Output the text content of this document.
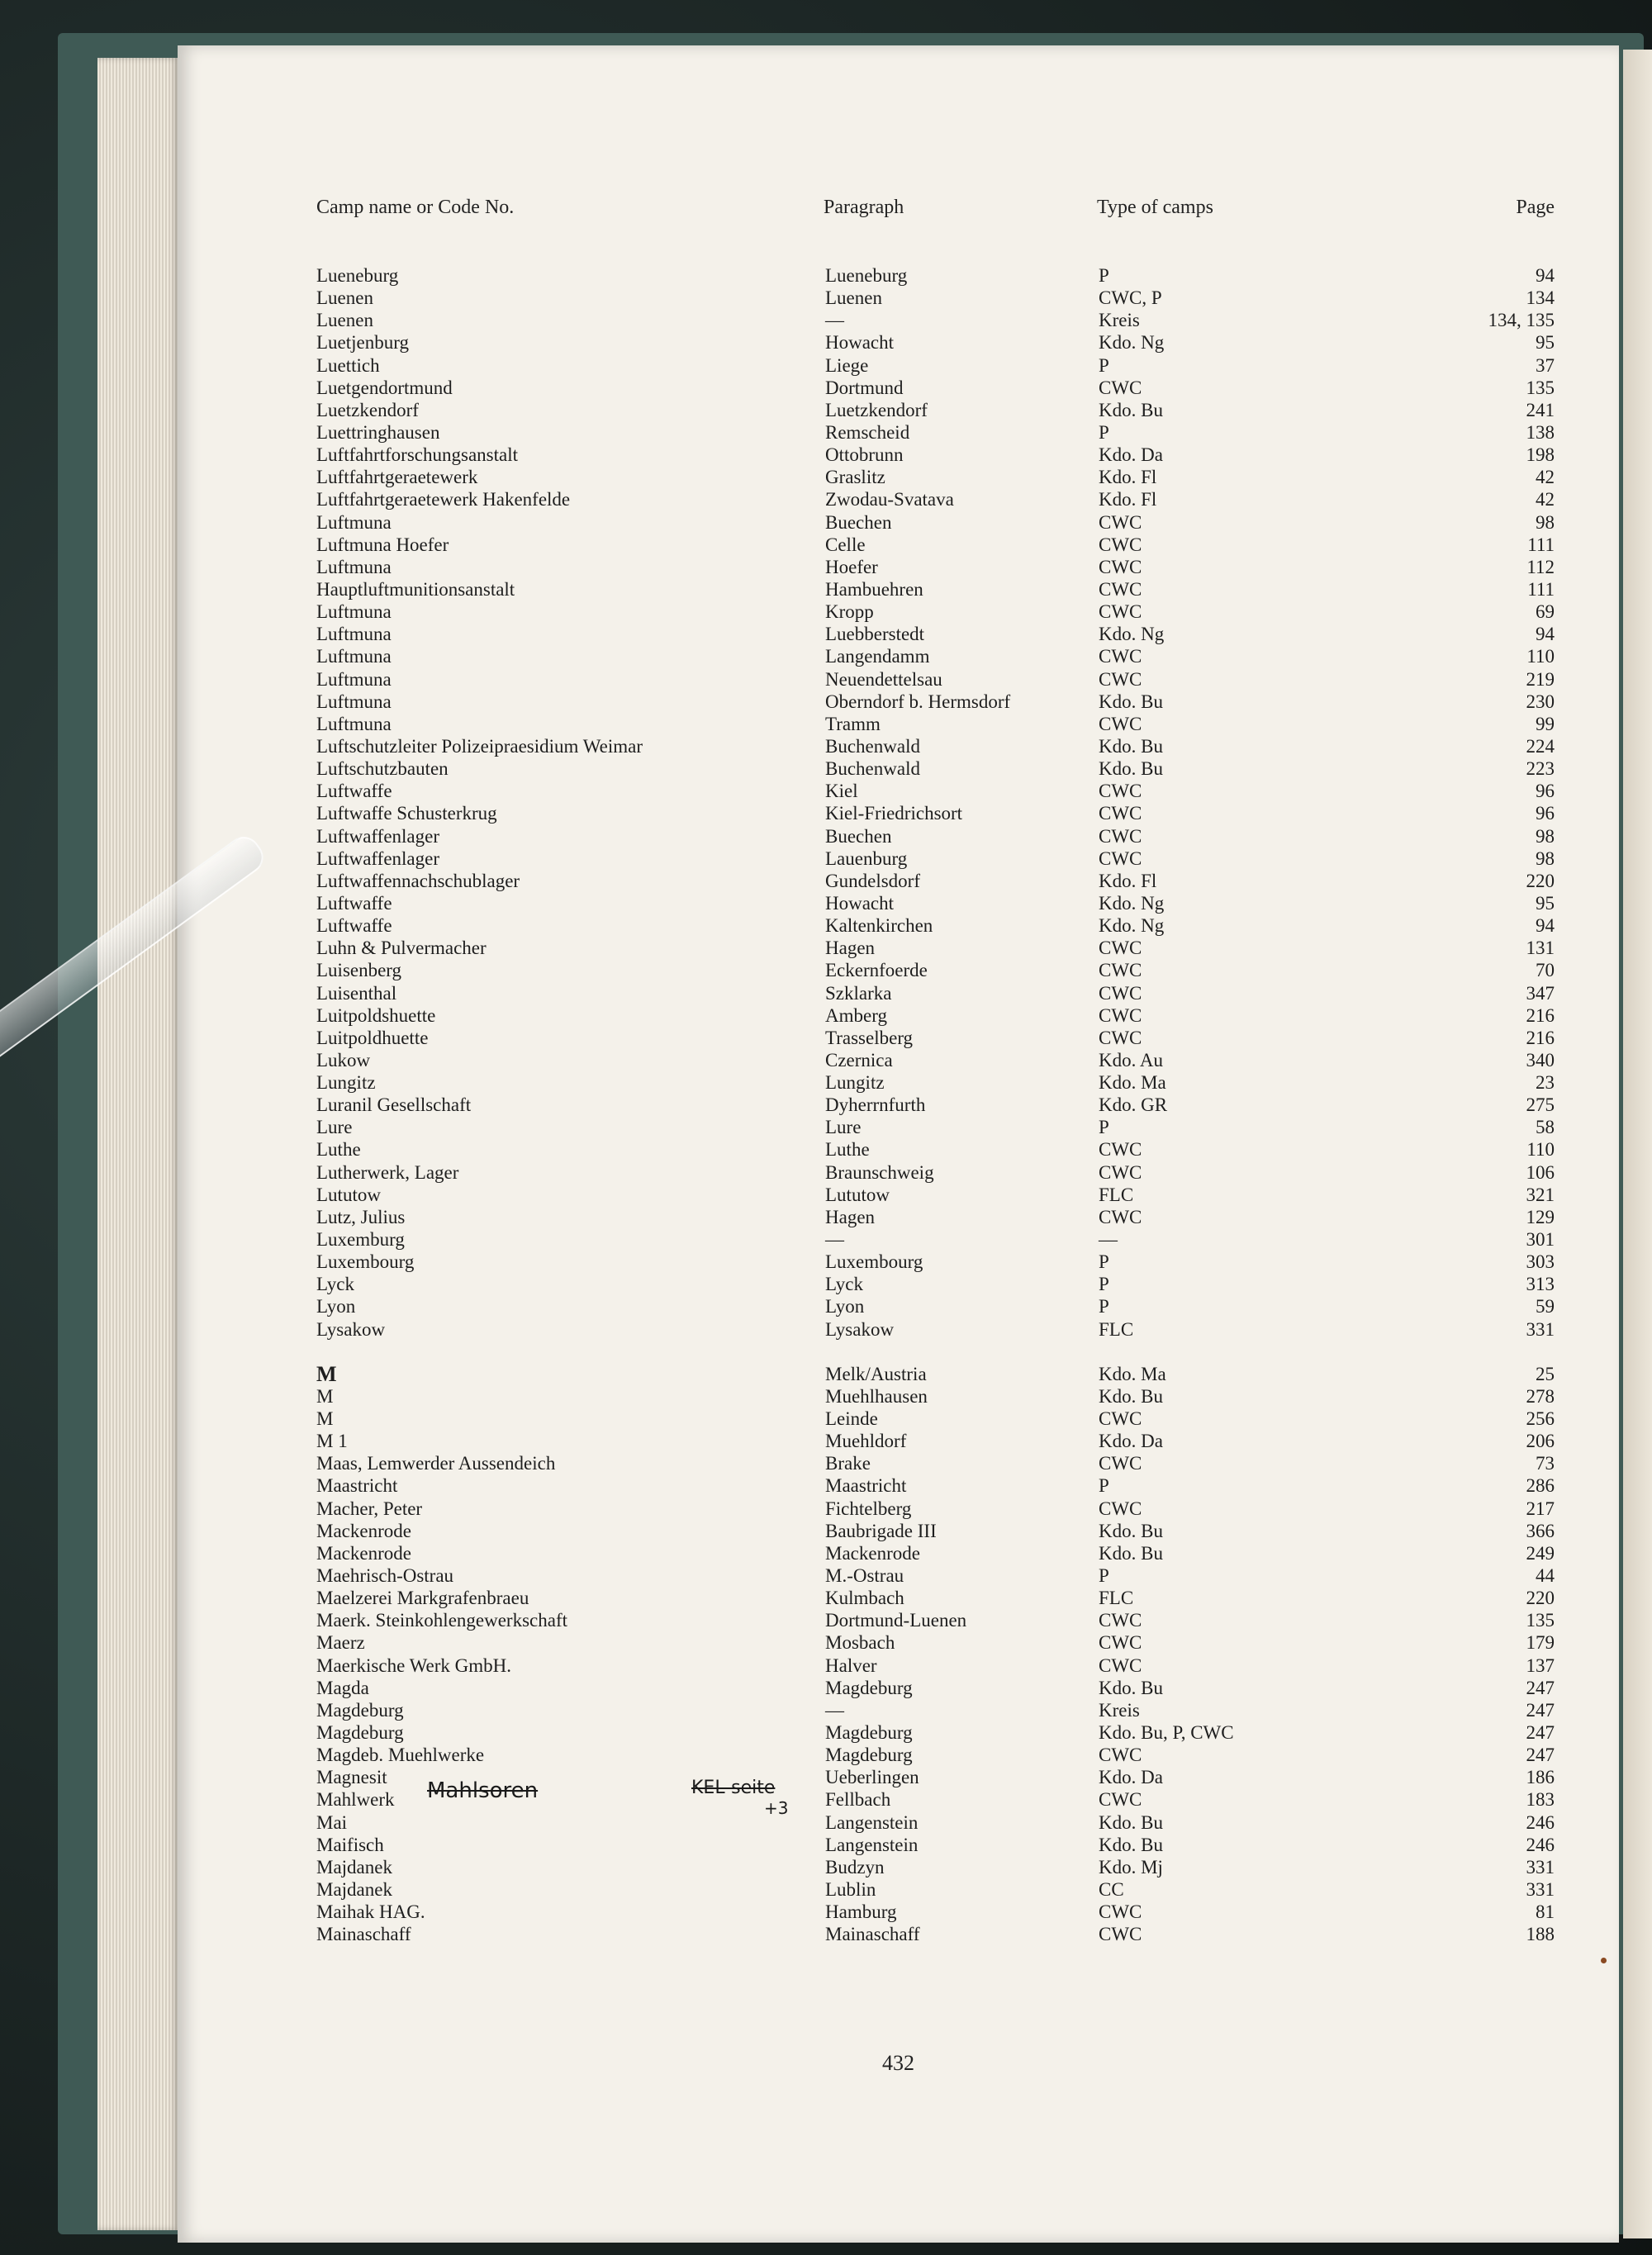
Camp name or Code No.	Paragraph	Type of camps	Page
Lueneburg	Lueneburg	P	94
Luenen	Luenen	CWC, P	134
Luenen	—	Kreis	134, 135
Luetjenburg	Howacht	Kdo. Ng	95
Luettich	Liege	P	37
Luetgendortmund	Dortmund	CWC	135
Luetzkendorf	Luetzkendorf	Kdo. Bu	241
Luettringhausen	Remscheid	P	138
Luftfahrtforschungsanstalt	Ottobrunn	Kdo. Da	198
Luftfahrtgeraetewerk	Graslitz	Kdo. Fl	42
Luftfahrtgeraetewerk Hakenfelde	Zwodau-Svatava	Kdo. Fl	42
Luftmuna	Buechen	CWC	98
Luftmuna Hoefer	Celle	CWC	111
Luftmuna	Hoefer	CWC	112
Hauptluftmunitionsanstalt	Hambuehren	CWC	111
Luftmuna	Kropp	CWC	69
Luftmuna	Luebberstedt	Kdo. Ng	94
Luftmuna	Langendamm	CWC	110
Luftmuna	Neuendettelsau	CWC	219
Luftmuna	Oberndorf b. Hermsdorf	Kdo. Bu	230
Luftmuna	Tramm	CWC	99
Luftschutzleiter Polizeipraesidium Weimar	Buchenwald	Kdo. Bu	224
Luftschutzbauten	Buchenwald	Kdo. Bu	223
Luftwaffe	Kiel	CWC	96
Luftwaffe Schusterkrug	Kiel-Friedrichsort	CWC	96
Luftwaffenlager	Buechen	CWC	98
Luftwaffenlager	Lauenburg	CWC	98
Luftwaffennachschublager	Gundelsdorf	Kdo. Fl	220
Luftwaffe	Howacht	Kdo. Ng	95
Luftwaffe	Kaltenkirchen	Kdo. Ng	94
Luhn & Pulvermacher	Hagen	CWC	131
Luisenberg	Eckernfoerde	CWC	70
Luisenthal	Szklarka	CWC	347
Luitpoldshuette	Amberg	CWC	216
Luitpoldhuette	Trasselberg	CWC	216
Lukow	Czernica	Kdo. Au	340
Lungitz	Lungitz	Kdo. Ma	23
Luranil Gesellschaft	Dyherrnfurth	Kdo. GR	275
Lure	Lure	P	58
Luthe	Luthe	CWC	110
Lutherwerk, Lager	Braunschweig	CWC	106
Lututow	Lututow	FLC	321
Lutz, Julius	Hagen	CWC	129
Luxemburg	—	—	301
Luxembourg	Luxembourg	P	303
Lyck	Lyck	P	313
Lyon	Lyon	P	59
Lysakow	Lysakow	FLC	331
M	Melk/Austria	Kdo. Ma	25
M	Muehlhausen	Kdo. Bu	278
M	Leinde	CWC	256
M 1	Muehldorf	Kdo. Da	206
Maas, Lemwerder Aussendeich	Brake	CWC	73
Maastricht	Maastricht	P	286
Macher, Peter	Fichtelberg	CWC	217
Mackenrode	Baubrigade III	Kdo. Bu	366
Mackenrode	Mackenrode	Kdo. Bu	249
Maehrisch-Ostrau	M.-Ostrau	P	44
Maelzerei Markgrafenbraeu	Kulmbach	FLC	220
Maerk. Steinkohlengewerkschaft	Dortmund-Luenen	CWC	135
Maerz	Mosbach	CWC	179
Maerkische Werk GmbH.	Halver	CWC	137
Magda	Magdeburg	Kdo. Bu	247
Magdeburg	—	Kreis	247
Magdeburg	Magdeburg	Kdo. Bu, P, CWC	247
Magdeb. Muehlwerke	Magdeburg	CWC	247
Magnesit	Ueberlingen	Kdo. Da	186
Mahlwerk	Fellbach	CWC	183
Mai	Langenstein	Kdo. Bu	246
Maifisch	Langenstein	Kdo. Bu	246
Majdanek	Budzyn	Kdo. Mj	331
Majdanek	Lublin	CC	331
Maihak HAG.	Hamburg	CWC	81
Mainaschaff	Mainaschaff	CWC	188
Mahlsoren	KEL-seite
+3
432
